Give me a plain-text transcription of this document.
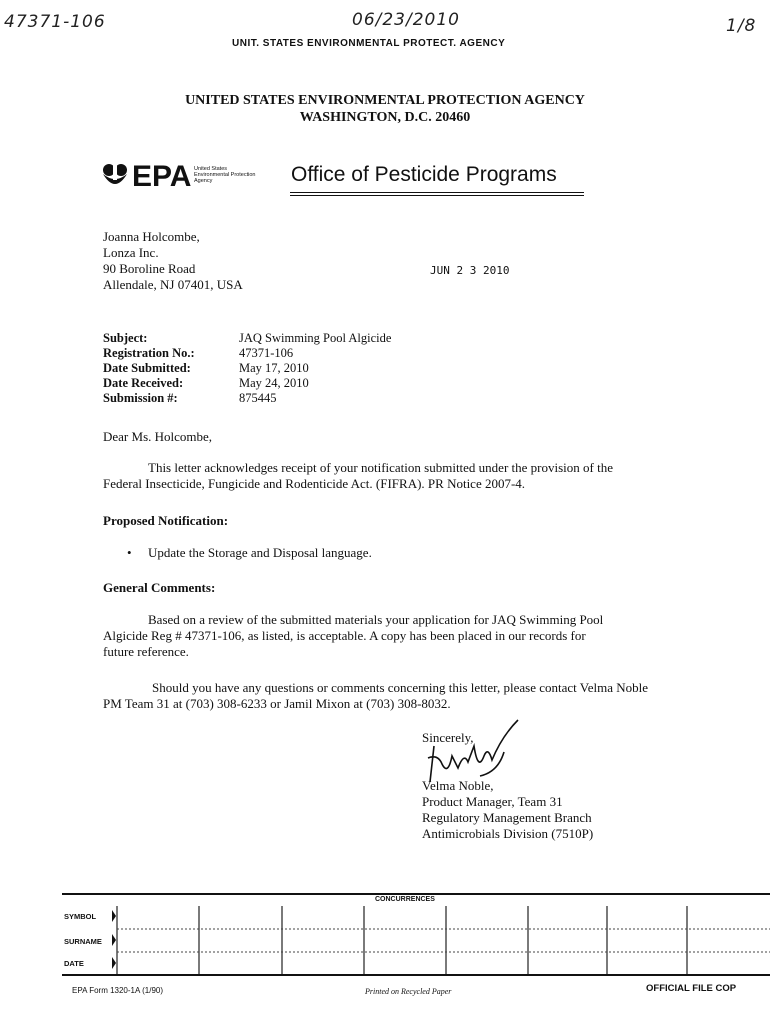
47371-106	06/23/2010	1/8
UNIT. STATES ENVIRONMENTAL PROTECT. AGENCY
UNITED STATES ENVIRONMENTAL PROTECTION AGENCY
WASHINGTON, D.C. 20460
EPA United States
Environmental Protection
Agency	Office of Pesticide Programs
Joanna Holcombe,
Lonza Inc.
90 Boroline Road
Allendale, NJ 07401, USA
JUN 2 3 2010
Subject:	JAQ Swimming Pool Algicide
Registration No.:	47371-106
Date Submitted:	May 17, 2010
Date Received:	May 24, 2010
Submission #:	875445
Dear Ms. Holcombe,
This letter acknowledges receipt of your notification submitted under the provision of the
Federal Insecticide, Fungicide and Rodenticide Act. (FIFRA). PR Notice 2007-4.
Proposed Notification:
• Update the Storage and Disposal language.
General Comments:
Based on a review of the submitted materials your application for JAQ Swimming Pool
Algicide Reg # 47371-106, as listed, is acceptable. A copy has been placed in our records for
future reference.
Should you have any questions or comments concerning this letter, please contact Velma Noble
PM Team 31 at (703) 308-6233 or Jamil Mixon at (703) 308-8032.
Sincerely,
Velma Noble,
Product Manager, Team 31
Regulatory Management Branch
Antimicrobials Division (7510P)
CONCURRENCES
SYMBOL
SURNAME
DATE
EPA Form 1320-1A (1/90)	Printed on Recycled Paper	OFFICIAL FILE COP
